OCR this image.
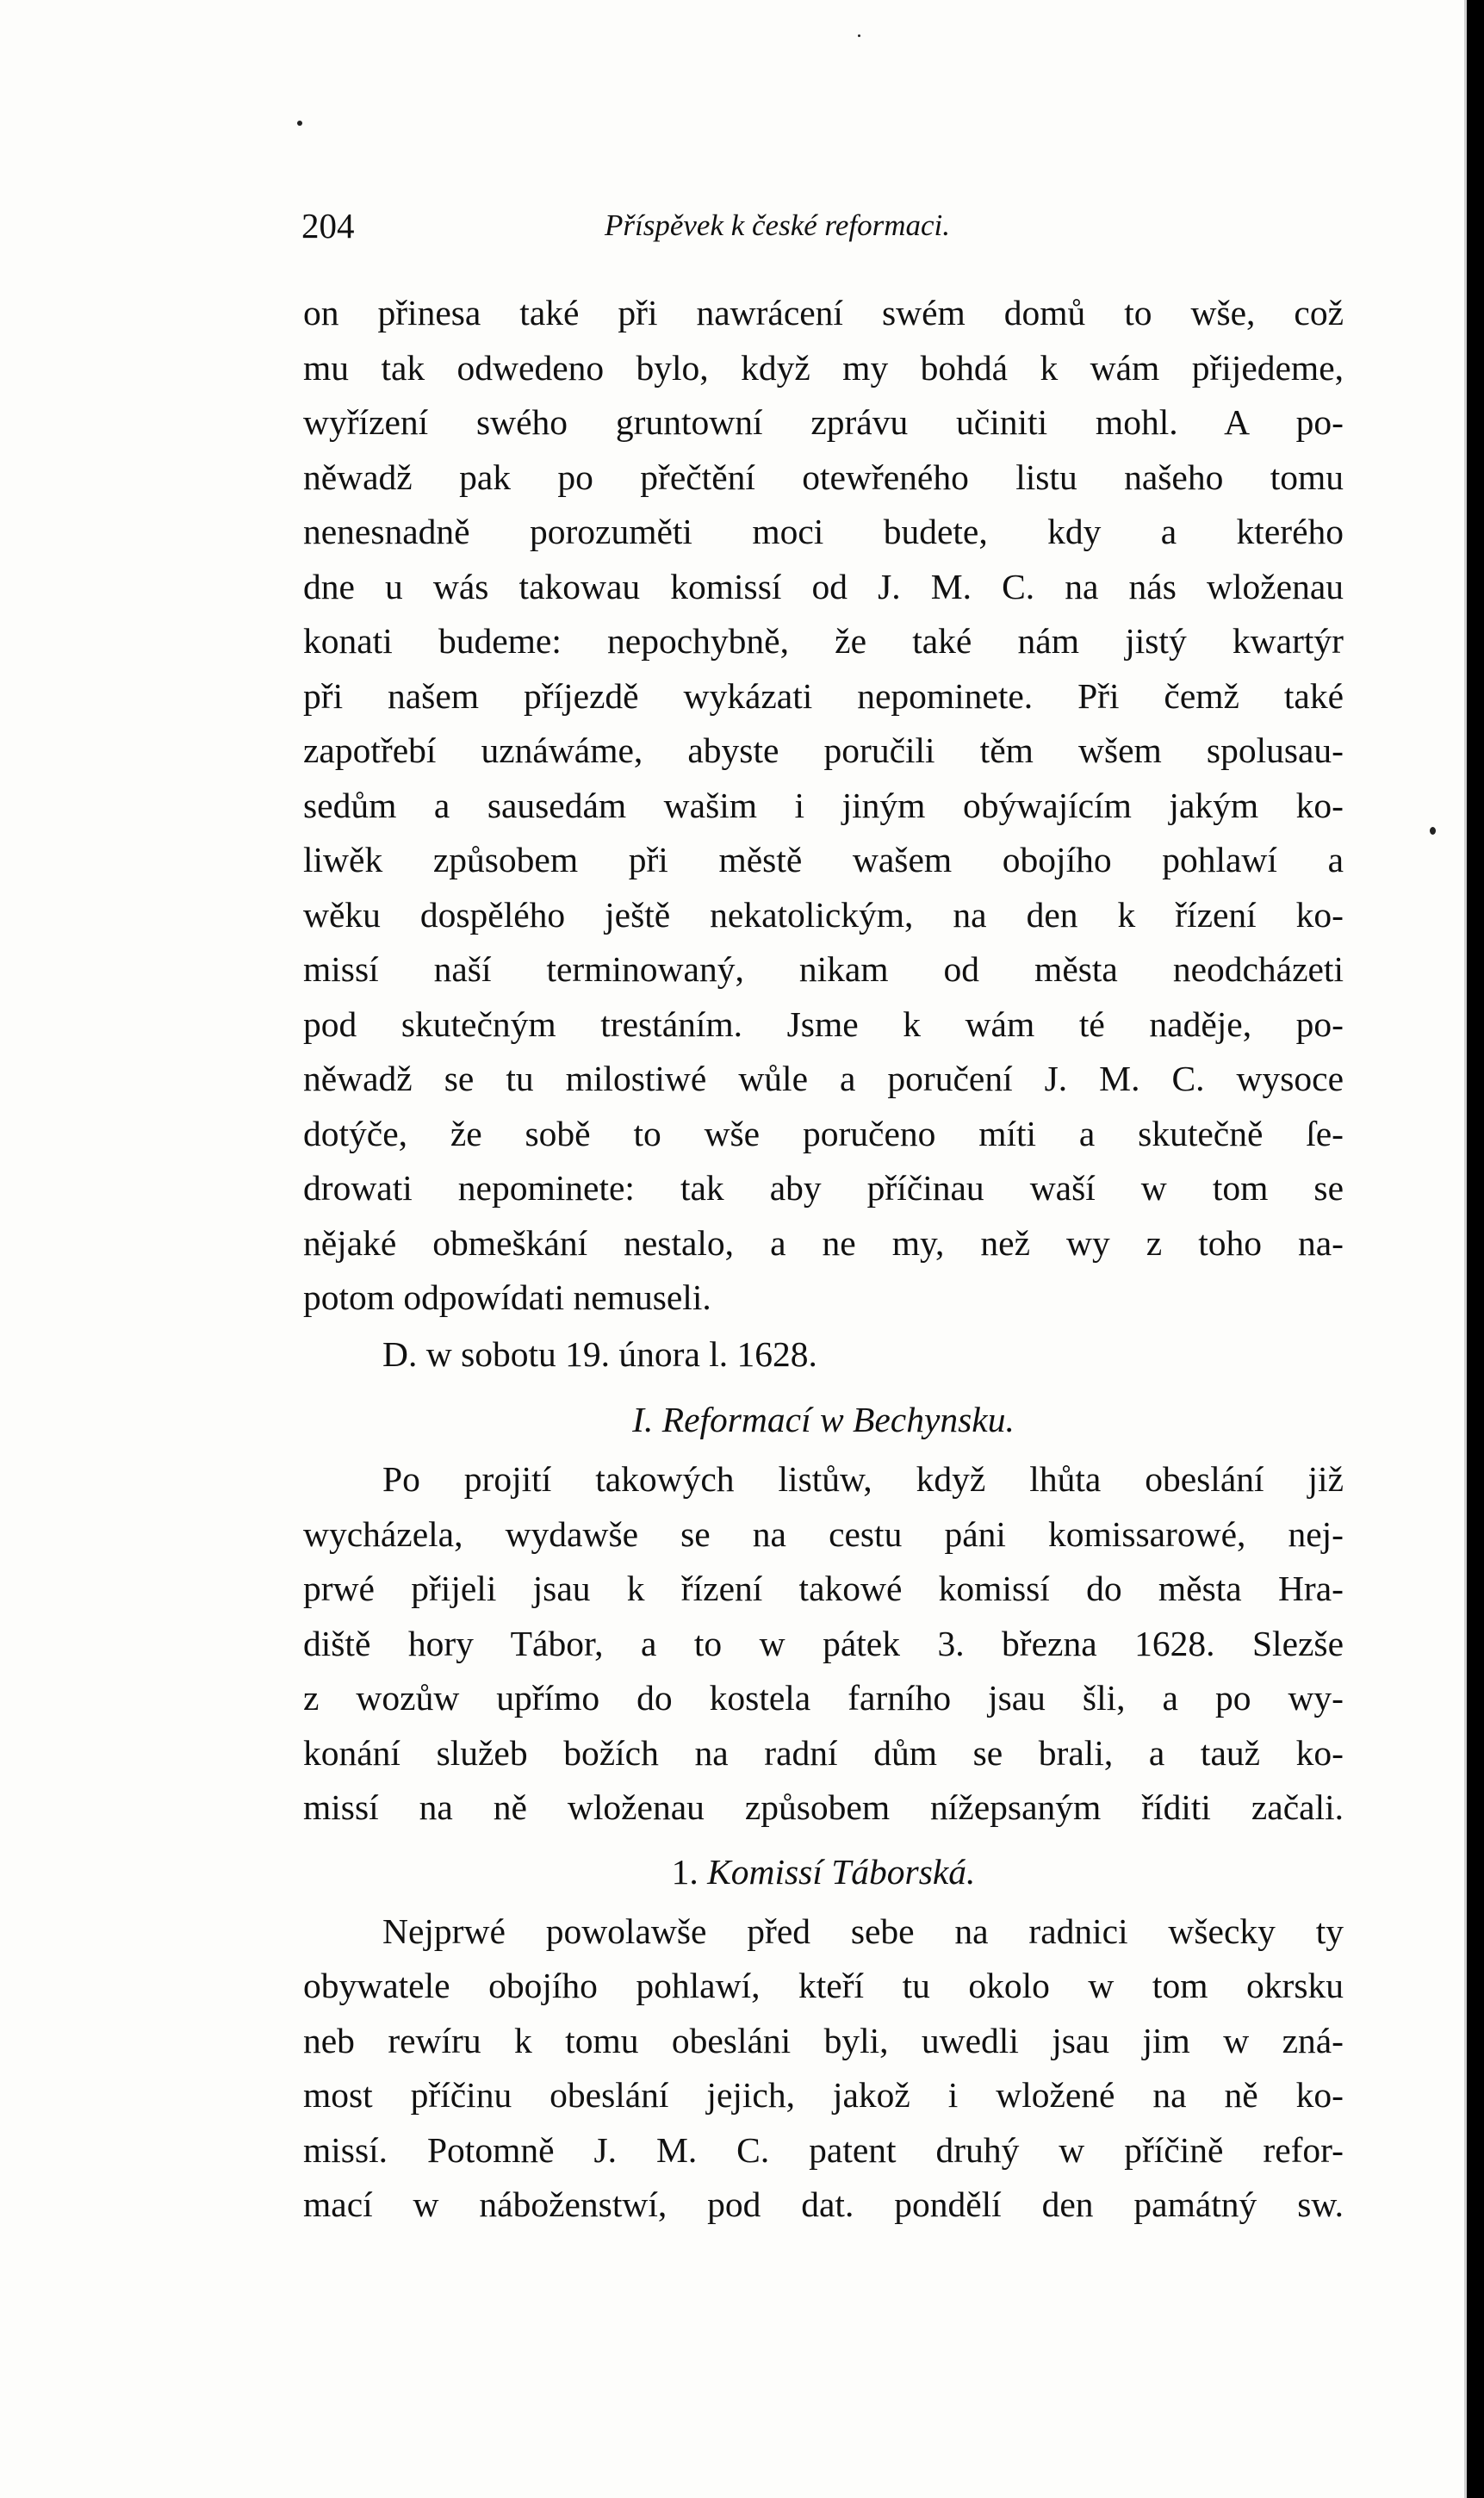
204	Příspěvek k české reformaci.
on přinesa také při nawrácení swém domů to wše, což
mu tak odwedeno bylo, když my bohdá k wám přijedeme,
wyřízení swého gruntowní zprávu učiniti mohl. A po-
něwadž pak po přečtění otewřeného listu našeho tomu
nenesnadně porozuměti moci budete, kdy a kterého
dne u wás takowau komissí od J. M. C. na nás wloženau
konati budeme: nepochybně, že také nám jistý kwartýr
při našem příjezdě wykázati nepominete. Při čemž také
zapotřebí uznáwáme, abyste poručili těm wšem spolusau-
sedům a sausedám wašim i jiným obýwajícím jakým ko-
liwěk způsobem při městě wašem obojího pohlawí a
wěku dospělého ještě nekatolickým, na den k řízení ko-
missí naší terminowaný, nikam od města neodcházeti
pod skutečným trestáním. Jsme k wám té naděje, po-
něwadž se tu milostiwé wůle a poručení J. M. C. wysoce
dotýče, že sobě to wše poručeno míti a skutečně ſe-
drowati nepominete: tak aby příčinau waší w tom se
nějaké obmeškání nestalo, a ne my, než wy z toho na-
potom odpowídati nemuseli.
D. w sobotu 19. února l. 1628.
I. Reformací w Bechynsku.
Po projití takowých listůw, když lhůta obeslání již
wycházela, wydawše se na cestu páni komissarowé, nej-
prwé přijeli jsau k řízení takowé komissí do města Hra-
diště hory Tábor, a to w pátek 3. března 1628. Slezše
z wozůw upřímo do kostela farního jsau šli, a po wy-
konání služeb božích na radní dům se brali, a tauž ko-
missí na ně wloženau způsobem nížepsaným říditi začali.
1. Komissí Táborská.
Nejprwé powolawše před sebe na radnici wšecky ty
obywatele obojího pohlawí, kteří tu okolo w tom okrsku
neb rewíru k tomu obesláni byli, uwedli jsau jim w zná-
most příčinu obeslání jejich, jakož i wložené na ně ko-
missí. Potomně J. M. C. patent druhý w příčině refor-
mací w náboženstwí, pod dat. pondělí den památný sw.
